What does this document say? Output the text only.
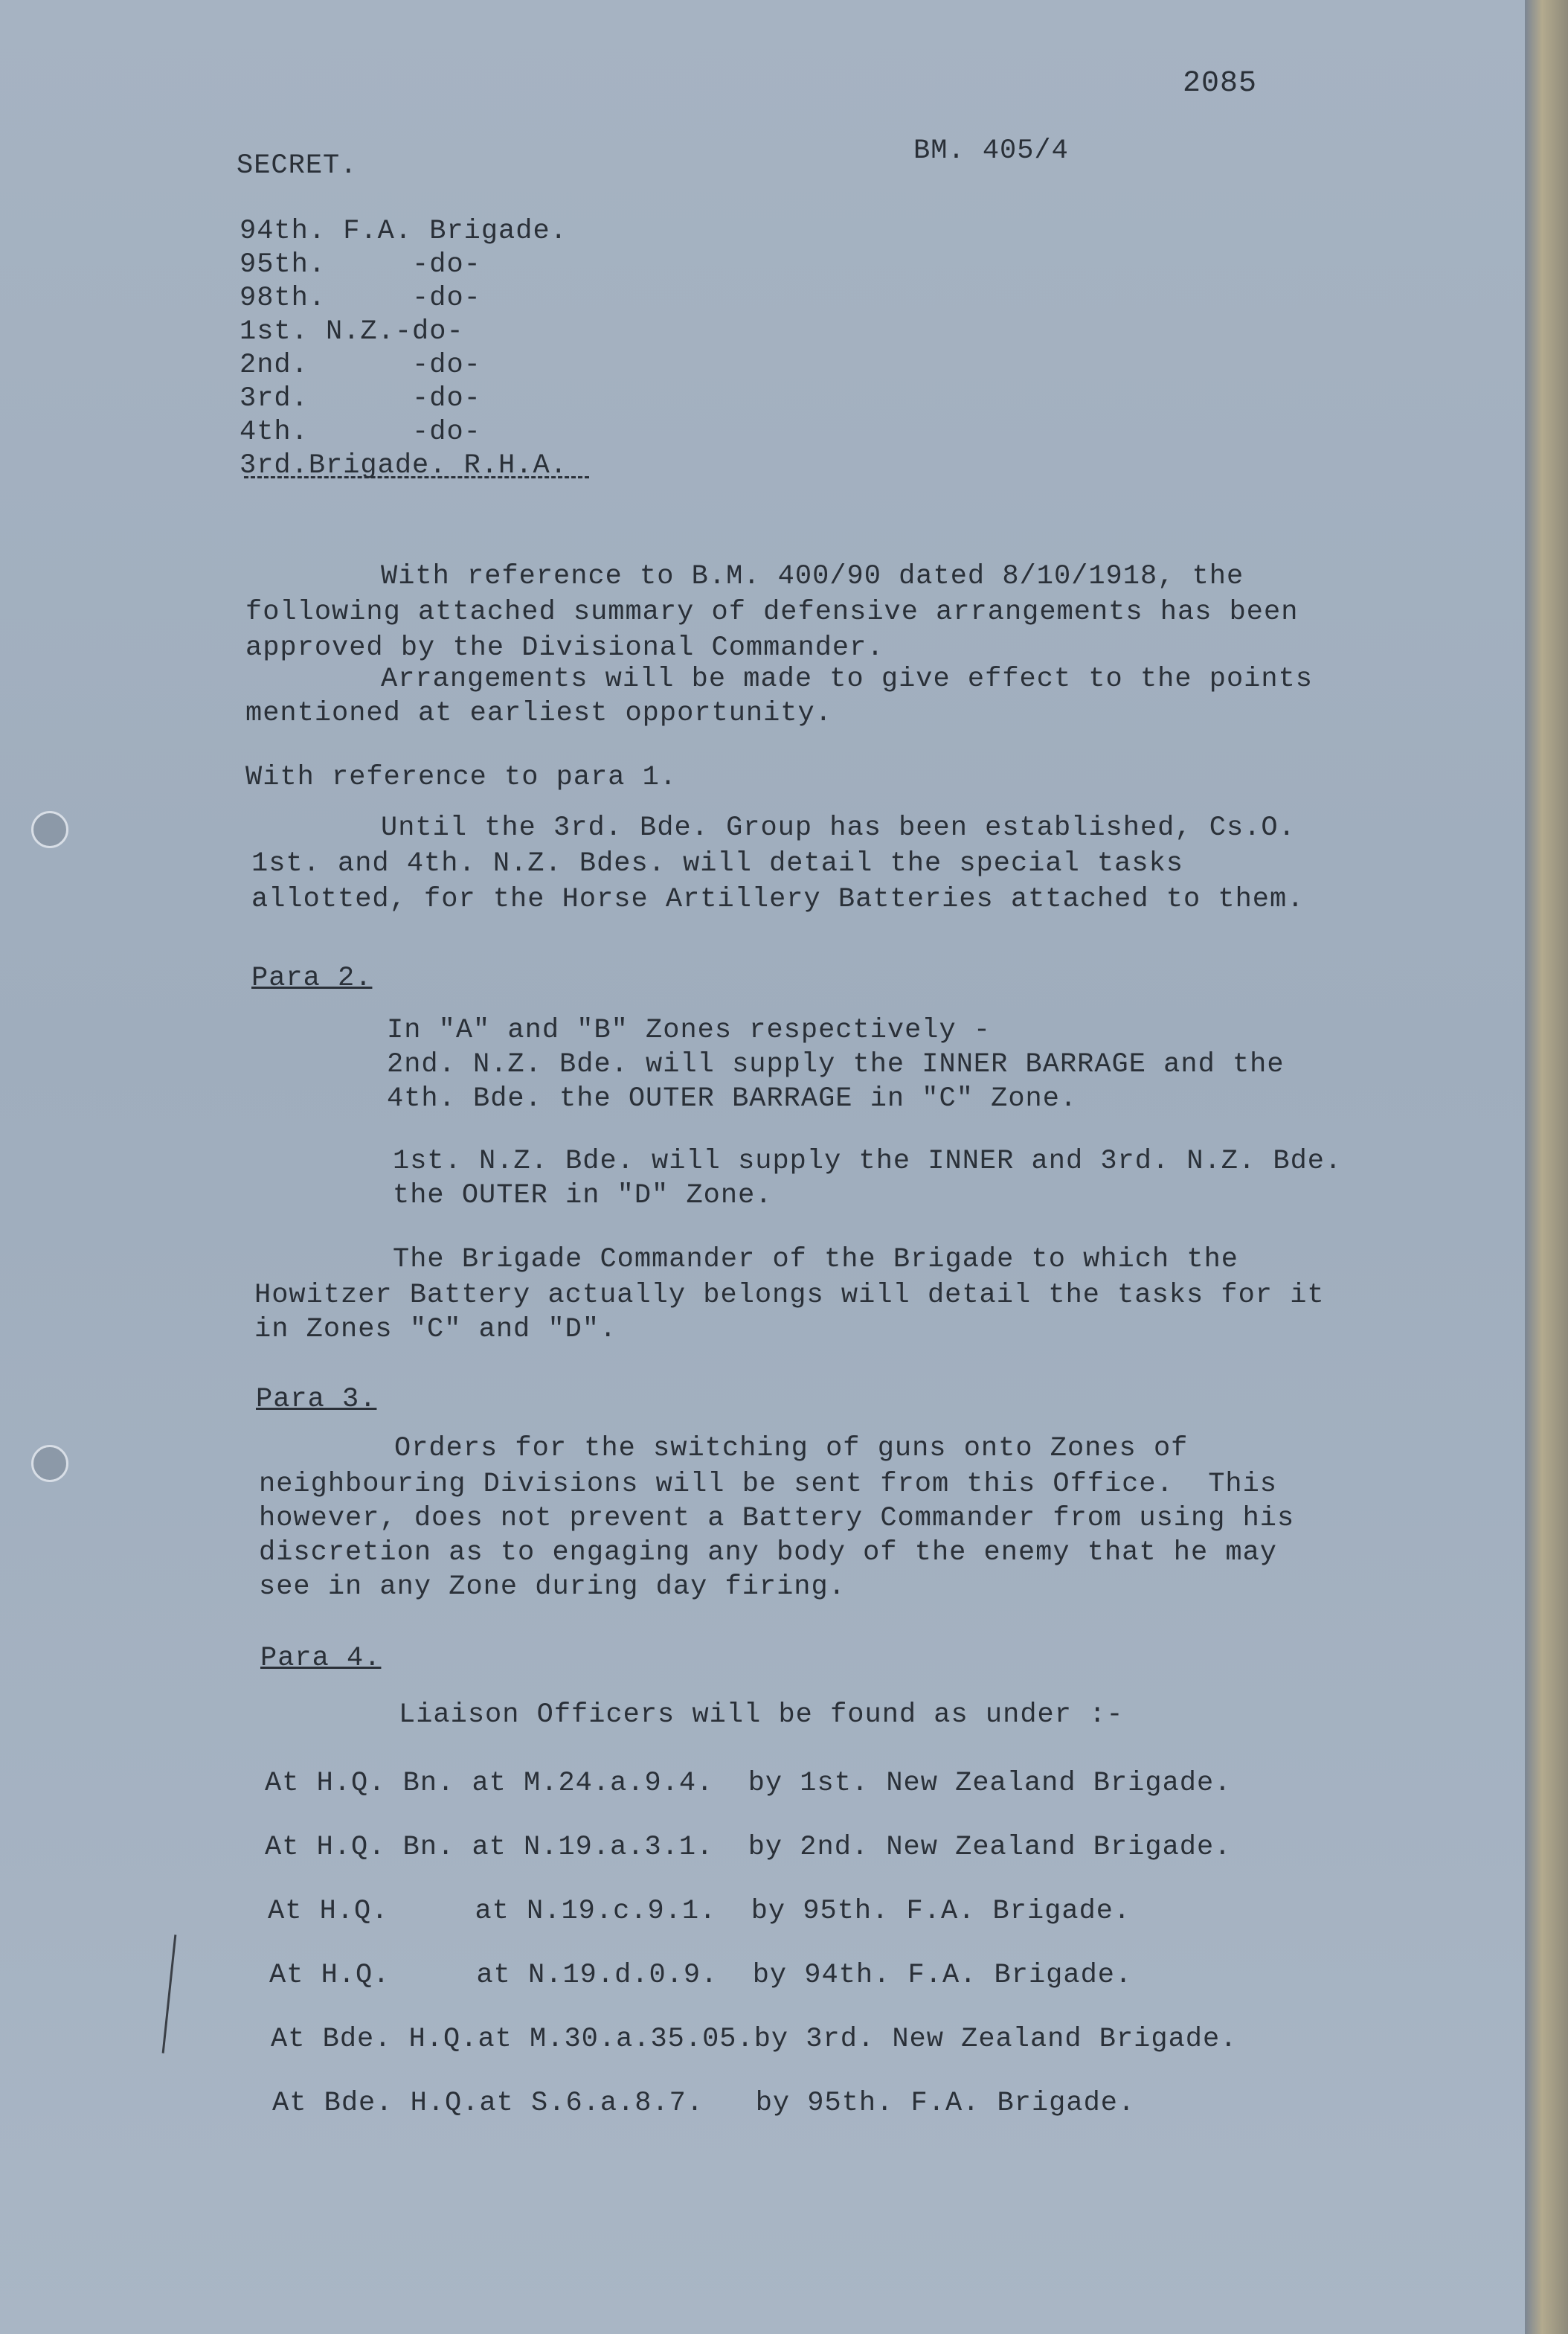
SECRET.	BM. 405/4
2085
94th. F.A. Brigade.
95th.     -do-
98th.     -do-
1st. N.Z.-do-
2nd.      -do-
3rd.      -do-
4th.      -do-
3rd.Brigade. R.H.A.
With reference to B.M. 400/90 dated 8/10/1918, the
following attached summary of defensive arrangements has been
approved by the Divisional Commander.
Arrangements will be made to give effect to the points
mentioned at earliest opportunity.
With reference to para 1.
Until the 3rd. Bde. Group has been established, Cs.O.
1st. and 4th. N.Z. Bdes. will detail the special tasks
allotted, for the Horse Artillery Batteries attached to them.
Para 2.
In "A" and "B" Zones respectively -
2nd. N.Z. Bde. will supply the INNER BARRAGE and the
4th. Bde. the OUTER BARRAGE in "C" Zone.
1st. N.Z. Bde. will supply the INNER and 3rd. N.Z. Bde.
the OUTER in "D" Zone.
The Brigade Commander of the Brigade to which the
Howitzer Battery actually belongs will detail the tasks for it
in Zones "C" and "D".
Para 3.
Orders for the switching of guns onto Zones of
neighbouring Divisions will be sent from this Office.  This
however, does not prevent a Battery Commander from using his
discretion as to engaging any body of the enemy that he may
see in any Zone during day firing.
Para 4.
Liaison Officers will be found as under :-
At H.Q. Bn. at M.24.a.9.4.  by 1st. New Zealand Brigade.
At H.Q. Bn. at N.19.a.3.1.  by 2nd. New Zealand Brigade.
At H.Q.     at N.19.c.9.1.  by 95th. F.A. Brigade.
At H.Q.     at N.19.d.0.9.  by 94th. F.A. Brigade.
At Bde. H.Q.at M.30.a.35.05.by 3rd. New Zealand Brigade.
At Bde. H.Q.at S.6.a.8.7.   by 95th. F.A. Brigade.
